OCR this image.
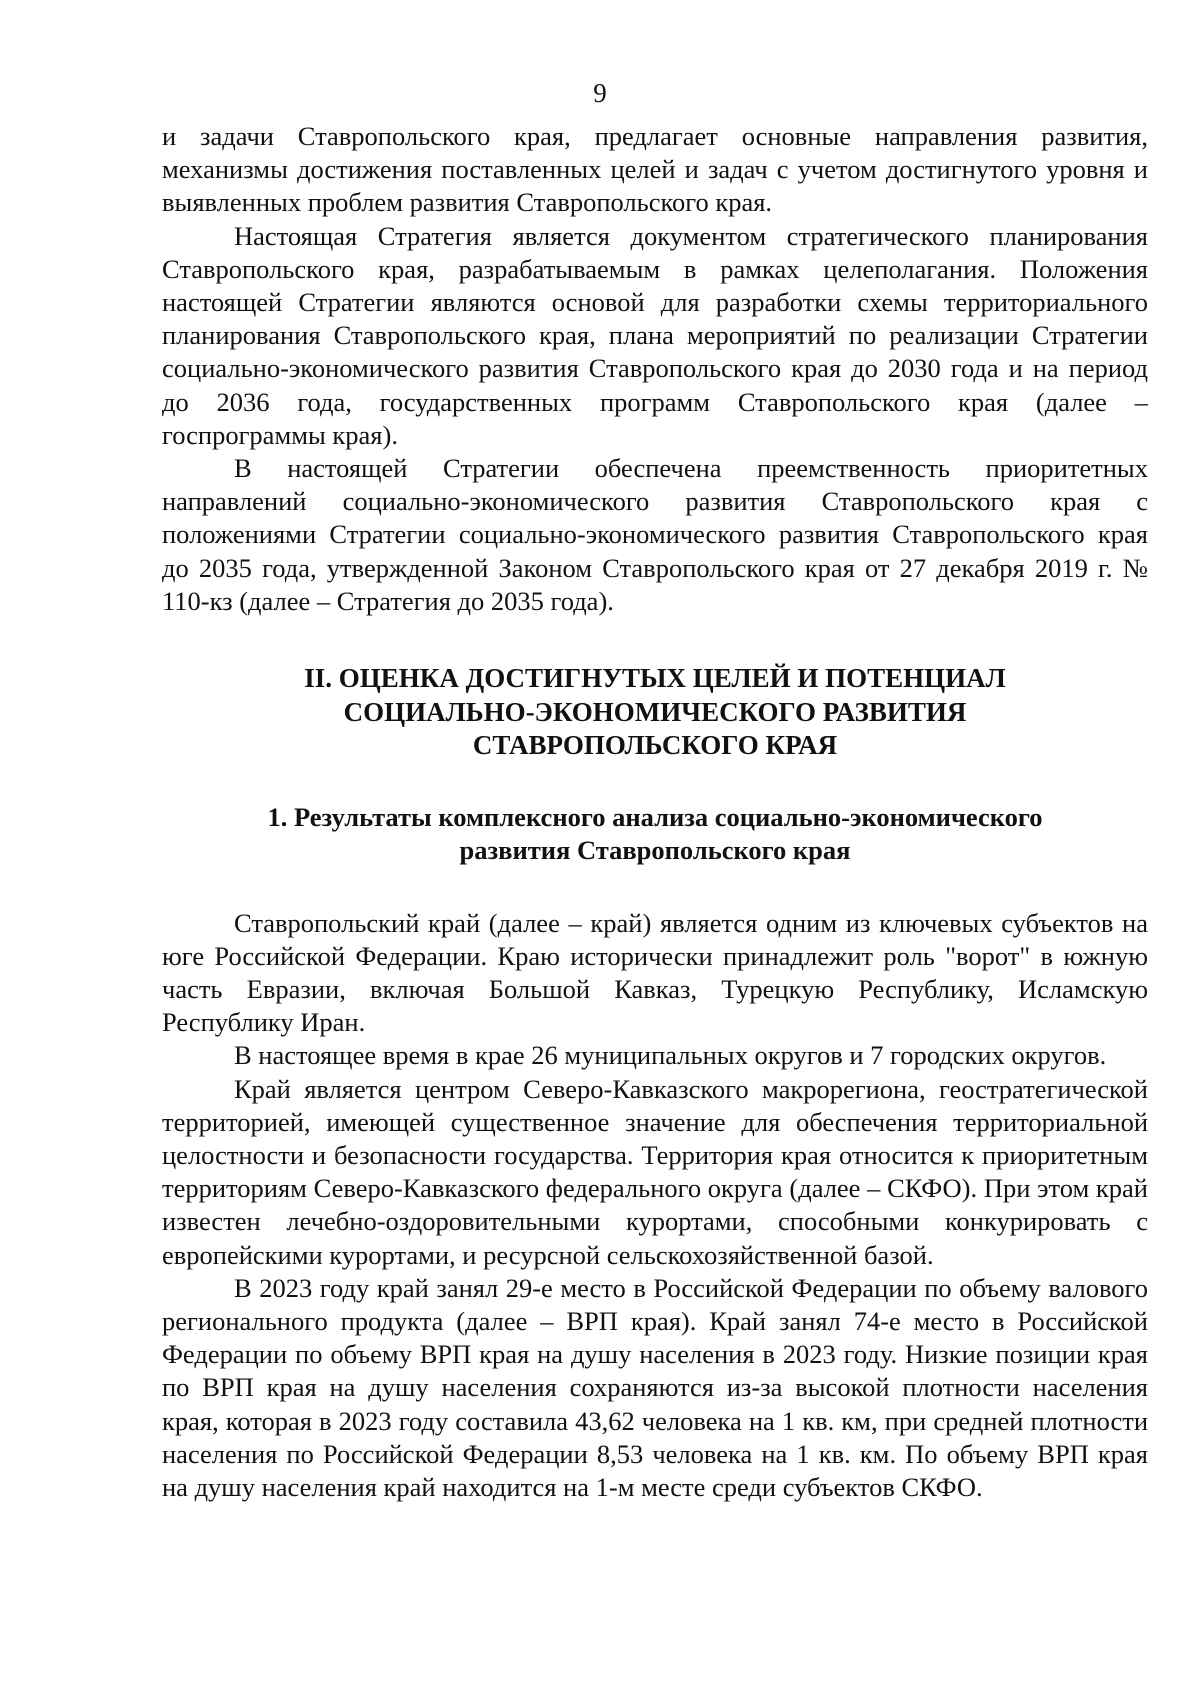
9

и задачи Ставропольского края, предлагает основные направления развития, механизмы достижения поставленных целей и задач с учетом достигнутого уровня и выявленных проблем развития Ставропольского края.

Настоящая Стратегия является документом стратегического планирования Ставропольского края, разрабатываемым в рамках целеполагания. Положения настоящей Стратегии являются основой для разработки схемы территориального планирования Ставропольского края, плана мероприятий по реализации Стратегии социально-экономического развития Ставропольского края до 2030 года и на период до 2036 года, государственных программ Ставропольского края (далее – госпрограммы края).

В настоящей Стратегии обеспечена преемственность приоритетных направлений социально-экономического развития Ставропольского края с положениями Стратегии социально-экономического развития Ставропольского края до 2035 года, утвержденной Законом Ставропольского края от 27 декабря 2019 г. № 110-кз (далее – Стратегия до 2035 года).

II. ОЦЕНКА ДОСТИГНУТЫХ ЦЕЛЕЙ И ПОТЕНЦИАЛ СОЦИАЛЬНО-ЭКОНОМИЧЕСКОГО РАЗВИТИЯ СТАВРОПОЛЬСКОГО КРАЯ
1. Результаты комплексного анализа социально-экономического развития Ставропольского края

Ставропольский край (далее – край) является одним из ключевых субъектов на юге Российской Федерации. Краю исторически принадлежит роль "ворот" в южную часть Евразии, включая Большой Кавказ, Турецкую Республику, Исламскую Республику Иран.

В настоящее время в крае 26 муниципальных округов и 7 городских округов.

Край является центром Северо-Кавказского макрорегиона, геостратегической территорией, имеющей существенное значение для обеспечения территориальной целостности и безопасности государства. Территория края относится к приоритетным территориям Северо-Кавказского федерального округа (далее – СКФО). При этом край известен лечебно-оздоровительными курортами, способными конкурировать с европейскими курортами, и ресурсной сельскохозяйственной базой.

В 2023 году край занял 29-е место в Российской Федерации по объему валового регионального продукта (далее – ВРП края). Край занял 74-е место в Российской Федерации по объему ВРП края на душу населения в 2023 году. Низкие позиции края по ВРП края на душу населения сохраняются из-за высокой плотности населения края, которая в 2023 году составила 43,62 человека на 1 кв. км, при средней плотности населения по Российской Федерации 8,53 человека на 1 кв. км. По объему ВРП края на душу населения край находится на 1-м месте среди субъектов СКФО.
